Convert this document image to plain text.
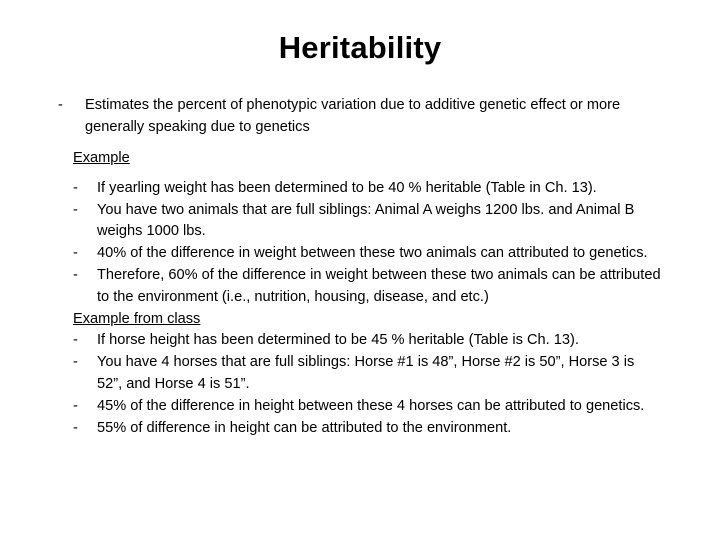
Heritability
-	Estimates the percent of phenotypic variation due to additive genetic effect or more generally speaking due to genetics
Example
-	If yearling weight has been determined to be 40 % heritable (Table in Ch. 13).
-	You have two animals that are full siblings: Animal A weighs 1200 lbs. and Animal B weighs 1000 lbs.
-	40% of the difference in weight between these two animals can attributed to genetics.
-	Therefore, 60% of the difference in weight between these two animals can be attributed to the environment (i.e., nutrition, housing, disease, and etc.)
Example from class
-	If horse height has been determined to be 45 % heritable (Table is Ch. 13).
-	You have 4 horses that are full siblings: Horse #1 is 48”, Horse #2 is 50”, Horse 3 is 52”, and Horse 4 is 51”.
-	45% of the difference in height between these 4 horses can be attributed to genetics.
-	55% of difference in height can be attributed to the environment.
